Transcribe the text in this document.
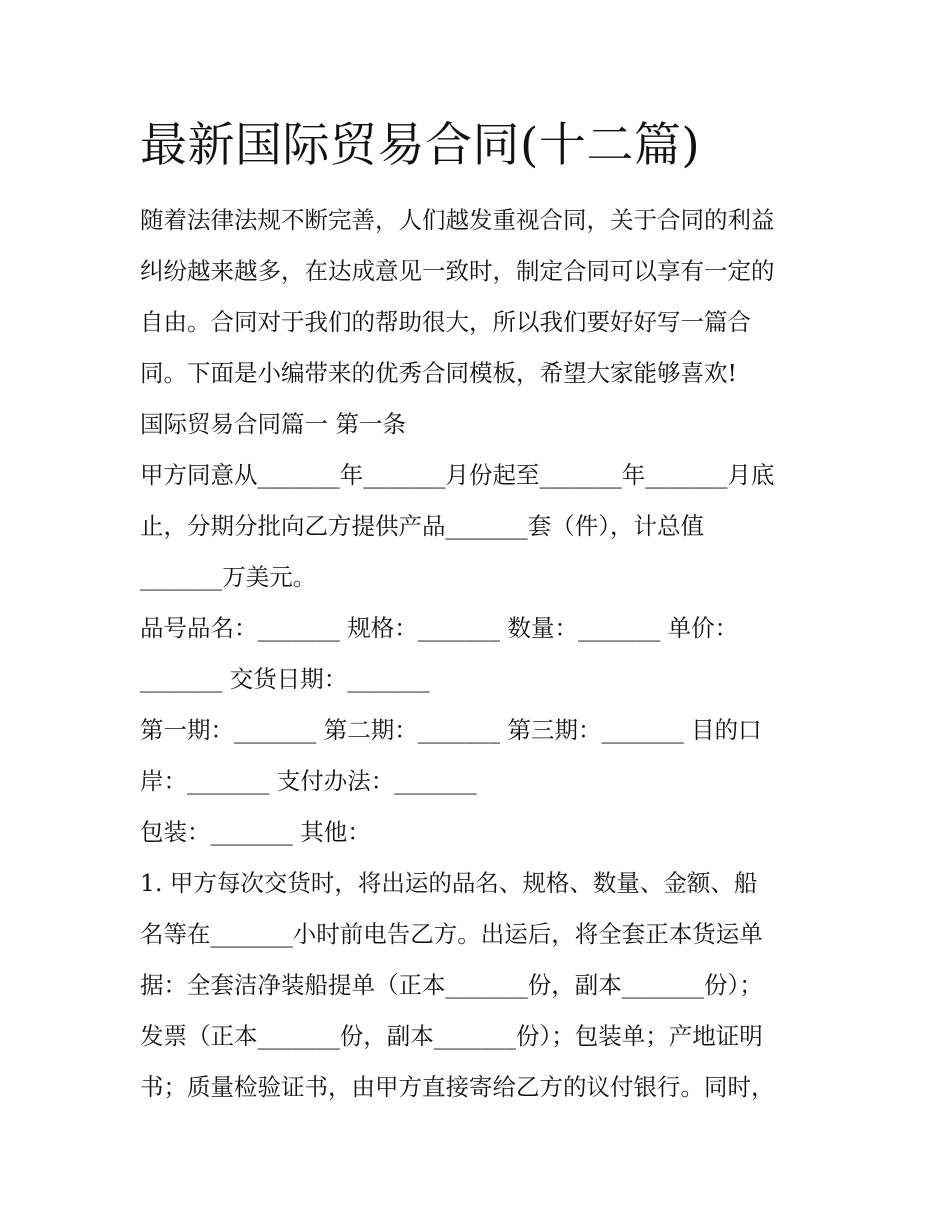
最新国际贸易合同(十二篇)

随着法律法规不断完善，人们越发重视合同，关于合同的利益

纠纷越来越多，在达成意见一致时，制定合同可以享有一定的

自由。合同对于我们的帮助很大，所以我们要好好写一篇合

同。下面是小编带来的优秀合同模板，希望大家能够喜欢!

国际贸易合同篇一 第一条

甲方同意从_______年_______月份起至_______年_______月底

止，分期分批向乙方提供产品_______套（件），计总值

_______万美元。

品号品名：_______ 规格：_______ 数量：_______ 单价：

_______ 交货日期：_______

第一期：_______ 第二期：_______ 第三期：_______ 目的口

岸：_______ 支付办法：_______

包装：_______ 其他：

1. 甲方每次交货时，将出运的品名、规格、数量、金额、船

名等在_______小时前电告乙方。出运后，将全套正本货运单

据：全套洁净装船提单（正本_______份，副本_______份）；

发票（正本_______份，副本_______份）；包装单；产地证明

书；质量检验证书，由甲方直接寄给乙方的议付银行。同时，
